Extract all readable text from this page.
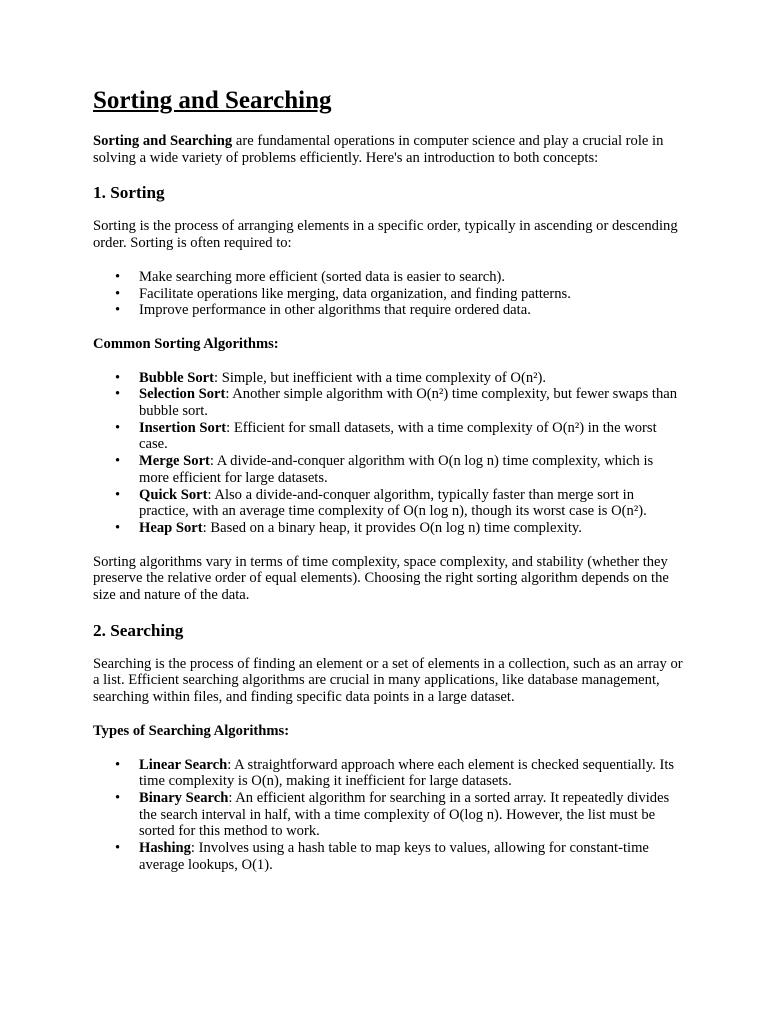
Sorting and Searching

Sorting and Searching are fundamental operations in computer science and play a crucial role in solving a wide variety of problems efficiently. Here's an introduction to both concepts:

1. Sorting

Sorting is the process of arranging elements in a specific order, typically in ascending or descending order. Sorting is often required to:

• Make searching more efficient (sorted data is easier to search).
• Facilitate operations like merging, data organization, and finding patterns.
• Improve performance in other algorithms that require ordered data.
Common Sorting Algorithms:
• Bubble Sort: Simple, but inefficient with a time complexity of O(n²).
• Selection Sort: Another simple algorithm with O(n²) time complexity, but fewer swaps than bubble sort.
• Insertion Sort: Efficient for small datasets, with a time complexity of O(n²) in the worst case.
• Merge Sort: A divide-and-conquer algorithm with O(n log n) time complexity, which is more efficient for large datasets.
• Quick Sort: Also a divide-and-conquer algorithm, typically faster than merge sort in practice, with an average time complexity of O(n log n), though its worst case is O(n²).
• Heap Sort: Based on a binary heap, it provides O(n log n) time complexity.

Sorting algorithms vary in terms of time complexity, space complexity, and stability (whether they preserve the relative order of equal elements). Choosing the right sorting algorithm depends on the size and nature of the data.

2. Searching

Searching is the process of finding an element or a set of elements in a collection, such as an array or a list. Efficient searching algorithms are crucial in many applications, like database management, searching within files, and finding specific data points in a large dataset.

Types of Searching Algorithms:
• Linear Search: A straightforward approach where each element is checked sequentially. Its time complexity is O(n), making it inefficient for large datasets.
• Binary Search: An efficient algorithm for searching in a sorted array. It repeatedly divides the search interval in half, with a time complexity of O(log n). However, the list must be sorted for this method to work.
• Hashing: Involves using a hash table to map keys to values, allowing for constant-time average lookups, O(1).
